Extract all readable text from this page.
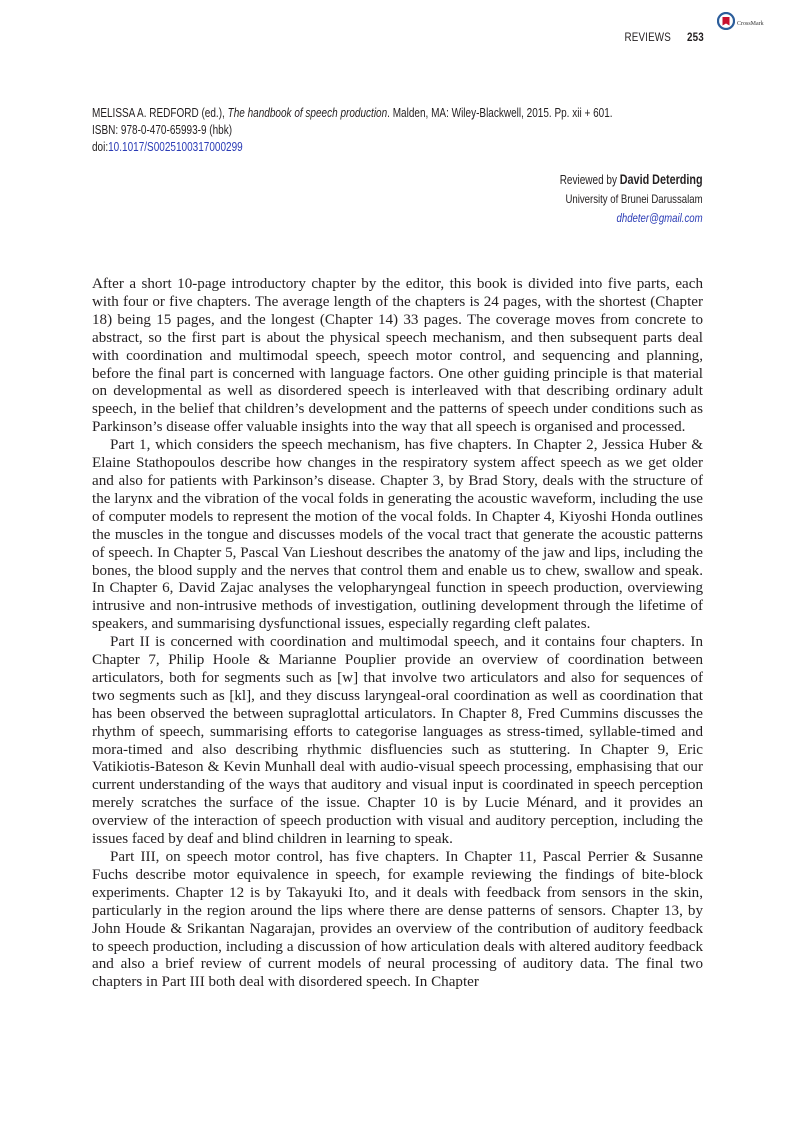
REVIEWS 253
CrossMark
MELISSA A. REDFORD (ed.), The handbook of speech production. Malden, MA: Wiley-Blackwell, 2015. Pp. xii + 601.
ISBN: 978-0-470-65993-9 (hbk)
doi:10.1017/S0025100317000299
Reviewed by David Deterding
University of Brunei Darussalam
dhdeter@gmail.com

After a short 10-page introductory chapter by the editor, this book is divided into five parts, each with four or five chapters. The average length of the chapters is 24 pages, with the shortest (Chapter 18) being 15 pages, and the longest (Chapter 14) 33 pages. The coverage moves from concrete to abstract, so the first part is about the physical speech mechanism, and then subsequent parts deal with coordination and multimodal speech, speech motor control, and sequencing and planning, before the final part is concerned with language factors. One other guiding principle is that material on developmental as well as disordered speech is interleaved with that describing ordinary adult speech, in the belief that children’s development and the patterns of speech under conditions such as Parkinson’s disease offer valuable insights into the way that all speech is organised and processed.

Part 1, which considers the speech mechanism, has five chapters. In Chapter 2, Jessica Huber & Elaine Stathopoulos describe how changes in the respiratory system affect speech as we get older and also for patients with Parkinson’s disease. Chapter 3, by Brad Story, deals with the structure of the larynx and the vibration of the vocal folds in generating the acoustic waveform, including the use of computer models to represent the motion of the vocal folds. In Chapter 4, Kiyoshi Honda outlines the muscles in the tongue and discusses models of the vocal tract that generate the acoustic patterns of speech. In Chapter 5, Pascal Van Lieshout describes the anatomy of the jaw and lips, including the bones, the blood supply and the nerves that control them and enable us to chew, swallow and speak. In Chapter 6, David Zajac analyses the velopharyngeal function in speech production, overviewing intrusive and non-intrusive methods of investigation, outlining development through the lifetime of speakers, and summarising dysfunctional issues, especially regarding cleft palates.

Part II is concerned with coordination and multimodal speech, and it contains four chapters. In Chapter 7, Philip Hoole & Marianne Pouplier provide an overview of coordination between articulators, both for segments such as [w] that involve two articulators and also for sequences of two segments such as [kl], and they discuss laryngeal-oral coordination as well as coordination that has been observed the between supraglottal articulators. In Chapter 8, Fred Cummins discusses the rhythm of speech, summarising efforts to categorise languages as stress-timed, syllable-timed and mora-timed and also describing rhythmic disfluencies such as stuttering. In Chapter 9, Eric Vatikiotis-Bateson & Kevin Munhall deal with audio-visual speech processing, emphasising that our current understanding of the ways that auditory and visual input is coordinated in speech perception merely scratches the surface of the issue. Chapter 10 is by Lucie Ménard, and it provides an overview of the interaction of speech production with visual and auditory perception, including the issues faced by deaf and blind children in learning to speak.

Part III, on speech motor control, has five chapters. In Chapter 11, Pascal Perrier & Susanne Fuchs describe motor equivalence in speech, for example reviewing the findings of bite-block experiments. Chapter 12 is by Takayuki Ito, and it deals with feedback from sensors in the skin, particularly in the region around the lips where there are dense patterns of sensors. Chapter 13, by John Houde & Srikantan Nagarajan, provides an overview of the contribution of auditory feedback to speech production, including a discussion of how articulation deals with altered auditory feedback and also a brief review of current models of neural processing of auditory data. The final two chapters in Part III both deal with disordered speech. In Chapter
